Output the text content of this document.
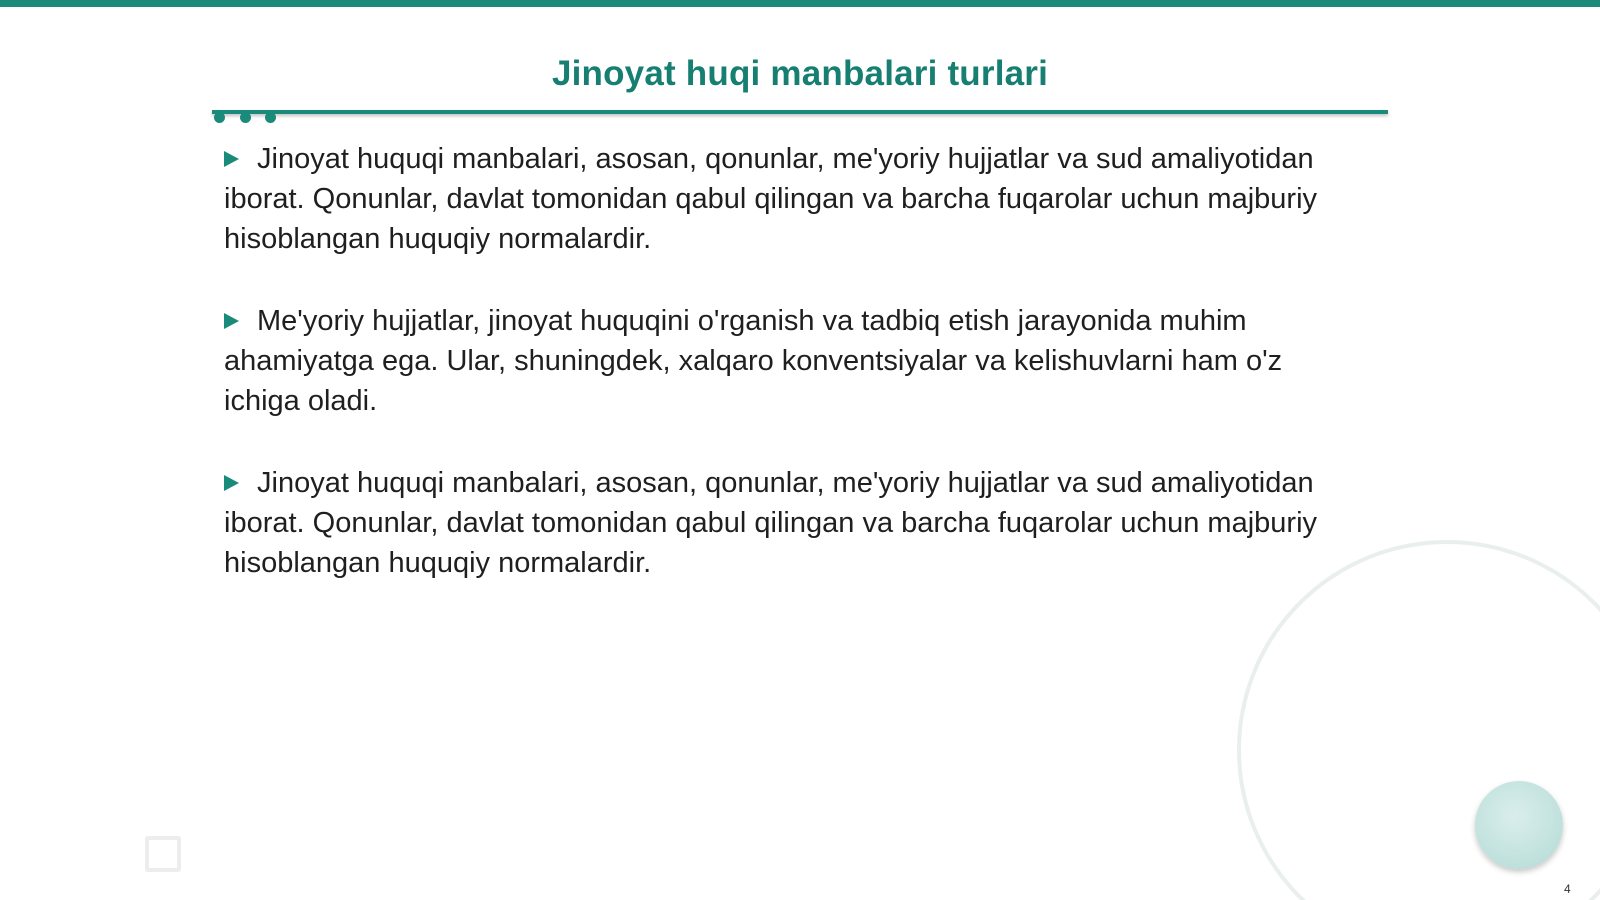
Jinoyat huqi manbalari turlari

Jinoyat huquqi manbalari, asosan, qonunlar, me'yoriy hujjatlar va sud amaliyotidan iborat. Qonunlar, davlat tomonidan qabul qilingan va barcha fuqarolar uchun majburiy hisoblangan huquqiy normalardir.

Me'yoriy hujjatlar, jinoyat huquqini o'rganish va tadbiq etish jarayonida muhim ahamiyatga ega. Ular, shuningdek, xalqaro konventsiyalar va kelishuvlarni ham o'z ichiga oladi.

Jinoyat huquqi manbalari, asosan, qonunlar, me'yoriy hujjatlar va sud amaliyotidan iborat. Qonunlar, davlat tomonidan qabul qilingan va barcha fuqarolar uchun majburiy hisoblangan huquqiy normalardir.

4
